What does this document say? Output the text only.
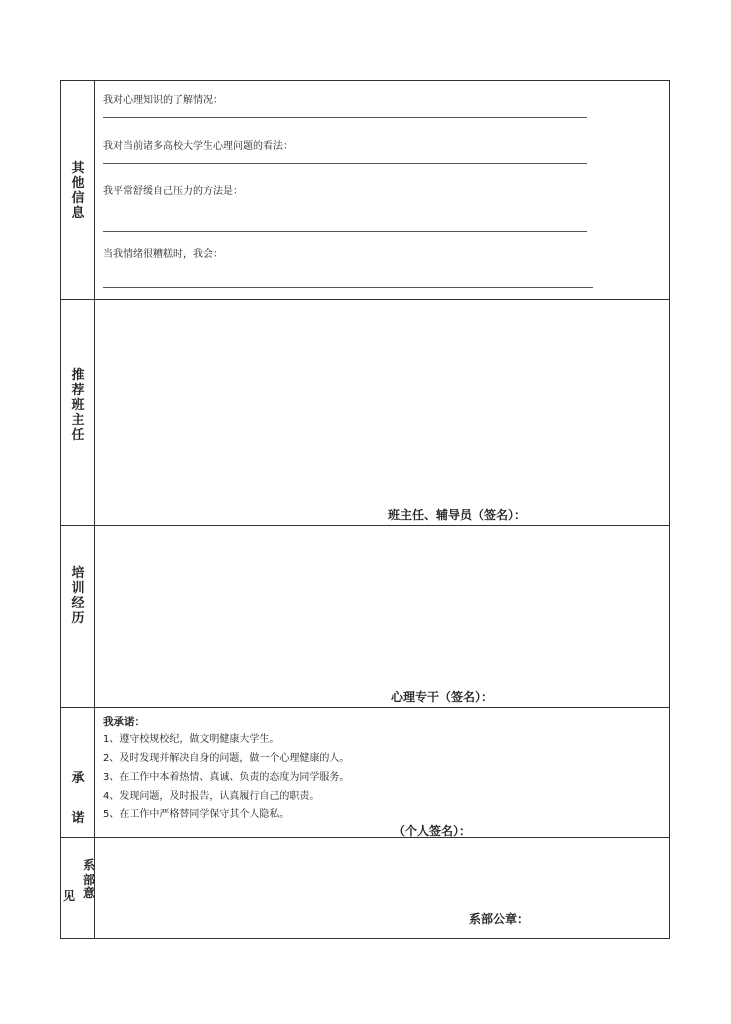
其
他
信
息
我对心理知识的了解情况：
我对当前诸多高校大学生心理问题的看法：
我平常舒缓自己压力的方法是：
当我情绪很糟糕时，我会：
推
荐
班
主
任
班主任、辅导员（签名）：
培
训
经
历
心理专干（签名）：
承
诺
我承诺：
1、遵守校规校纪，做文明健康大学生。
2、及时发现并解决自身的问题，做一个心理健康的人。
3、在工作中本着热情、真诚、负责的态度为同学服务。
4、发现问题，及时报告，认真履行自己的职责。
5、在工作中严格替同学保守其个人隐私。
（个人签名）：
系
部
意
见
系部公章：
